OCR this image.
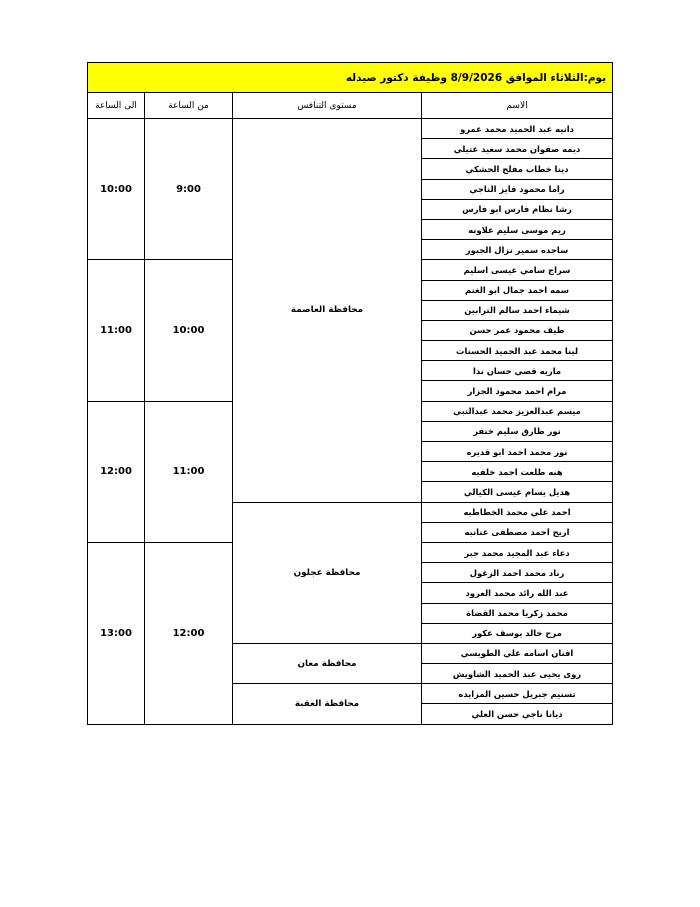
يوم:الثلاثاء الموافق 8/9/2026 وظيفة دكتور صيدله			
الى الساعة	من الساعة	مستوى التنافس	الاسم
10:00	9:00	محافظة العاصمة	دانيه عبد الحميد محمد عمرو
			ديمه صفوان محمد سعيد عتيلي
			دينا خطاب مفلح الحشكي
			راما محمود فايز الناجي
			رشا نظام فارس ابو فارس
			ريم موسى سليم علاونه
			ساجده سمير نزال الجبور
11:00	10:00		سراج سامي عيسى اسليم
			سمه احمد جمال ابو الغنم
			شيماء احمد سالم الترابين
			طيف محمود عمر حسن
			لينا محمد عبد الحميد الحسنات
			ماريه قصي حسان ندا
			مرام احمد محمود الجزار
12:00	11:00		ميسم عبدالعزيز محمد عبدالنبي
			نور طارق سليم خنفر
			نور محمد احمد ابو قديره
			هبه طلعت احمد خلفيه
			هديل يسام عيسى الكيالي
		محافظة عجلون	احمد علي محمد الخطاطبه
			اريج احمد مصطفى عنانبه
13:00	12:00		دعاء عبد المجيد محمد جبر
			رناد محمد احمد الزغول
			عبد الله رائد محمد العرود
			محمد زكريا محمد القضاة
			مرح خالد يوسف عكور
		محافظة معان	افنان اسامه علي الطويسي
			روى يحيى عبد الحميد الشاويش
		محافظة العقبة	تسنيم جبريل حسين المزايده
			ديانا ناجي حسن العلي
